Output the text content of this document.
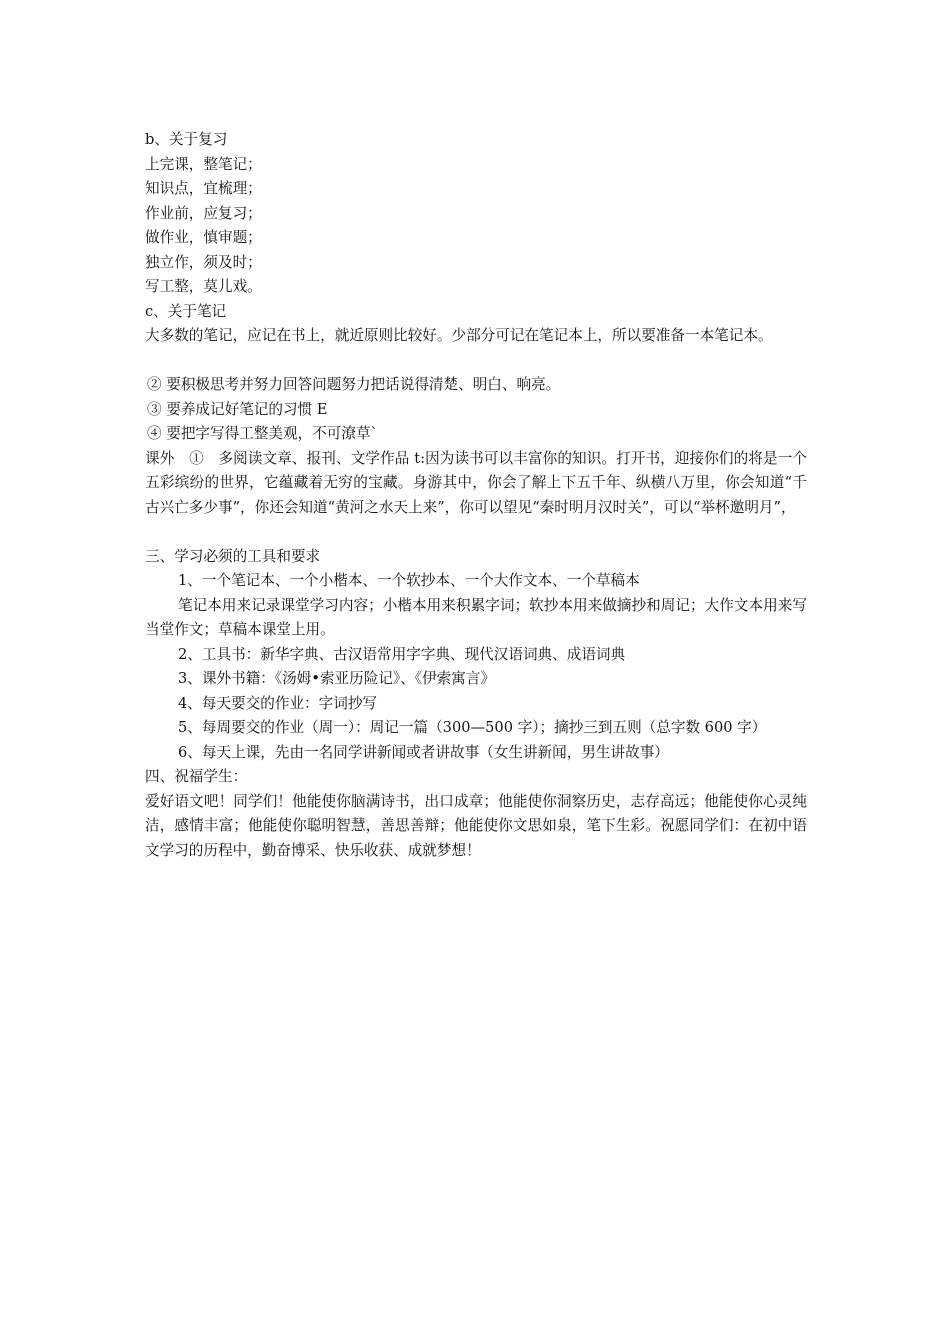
b、关于复习
上完课，整笔记；
知识点，宜梳理；
作业前，应复习；
做作业，慎审题；
独立作，须及时；
写工整，莫儿戏。
c、关于笔记

大多数的笔记，应记在书上，就近原则比较好。少部分可记在笔记本上，所以要准备一本笔记本。

② 要积极思考并努力回答问题努力把话说得清楚、明白、响亮。
③ 要养成记好笔记的习惯 E
④ 要把字写得工整美观，不可潦草`

课外　①　多阅读文章、报刊、文学作品 t:因为读书可以丰富你的知识。打开书，迎接你们的将是一个五彩缤纷的世界，它蕴藏着无穷的宝藏。身游其中，你会了解上下五千年、纵横八万里，你会知道“千古兴亡多少事”，你还会知道“黄河之水天上来”，你可以望见“秦时明月汉时关”，可以“举杯邀明月”，

三、学习必须的工具和要求
1、一个笔记本、一个小楷本、一个软抄本、一个大作文本、一个草稿本

笔记本用来记录课堂学习内容；小楷本用来积累字词；软抄本用来做摘抄和周记；大作文本用来写当堂作文；草稿本课堂上用。

2、工具书：新华字典、古汉语常用字字典、现代汉语词典、成语词典
3、课外书籍：《汤姆•索亚历险记》、《伊索寓言》
4、每天要交的作业：字词抄写

5、每周要交的作业（周一）：周记一篇（300—500 字）；摘抄三到五则（总字数 600 字）

6、每天上课，先由一名同学讲新闻或者讲故事（女生讲新闻，男生讲故事）
四、祝福学生：

爱好语文吧！同学们！他能使你脑满诗书，出口成章；他能使你洞察历史，志存高远；他能使你心灵纯洁，感情丰富；他能使你聪明智慧，善思善辩；他能使你文思如泉，笔下生彩。祝愿同学们：在初中语文学习的历程中，勤奋博采、快乐收获、成就梦想！
